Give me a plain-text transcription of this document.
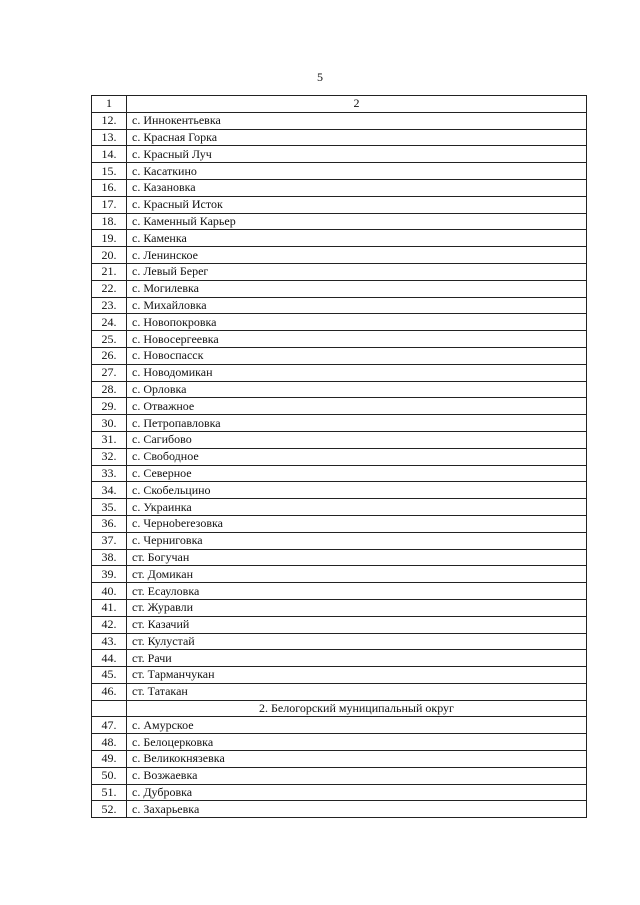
5
1	2
12.	с. Иннокентьевка
13.	с. Красная Горка
14.	с. Красный Луч
15.	с. Касаткино
16.	с. Казановка
17.	с. Красный Исток
18.	с. Каменный Карьер
19.	с. Каменка
20.	с. Ленинское
21.	с. Левый Берег
22.	с. Могилевка
23.	с. Михайловка
24.	с. Новопокровка
25.	с. Новосергеевка
26.	с. Новоспасск
27.	с. Новодомикан
28.	с. Орловка
29.	с. Отважное
30.	с. Петропавловка
31.	с. Сагибово
32.	с. Свободное
33.	с. Северное
34.	с. Скобельцино
35.	с. Украинка
36.	с. Чернoberезовка
37.	с. Черниговка
38.	ст. Богучан
39.	ст. Домикан
40.	ст. Есауловка
41.	ст. Журавли
42.	ст. Казачий
43.	ст. Кулустай
44.	ст. Рачи
45.	ст. Тарманчукан
46.	ст. Татакан
	2. Белогорский муниципальный округ
47.	с. Амурское
48.	с. Белоцерковка
49.	с. Великокнязевка
50.	с. Возжаевка
51.	с. Дубровка
52.	с. Захарьевка
